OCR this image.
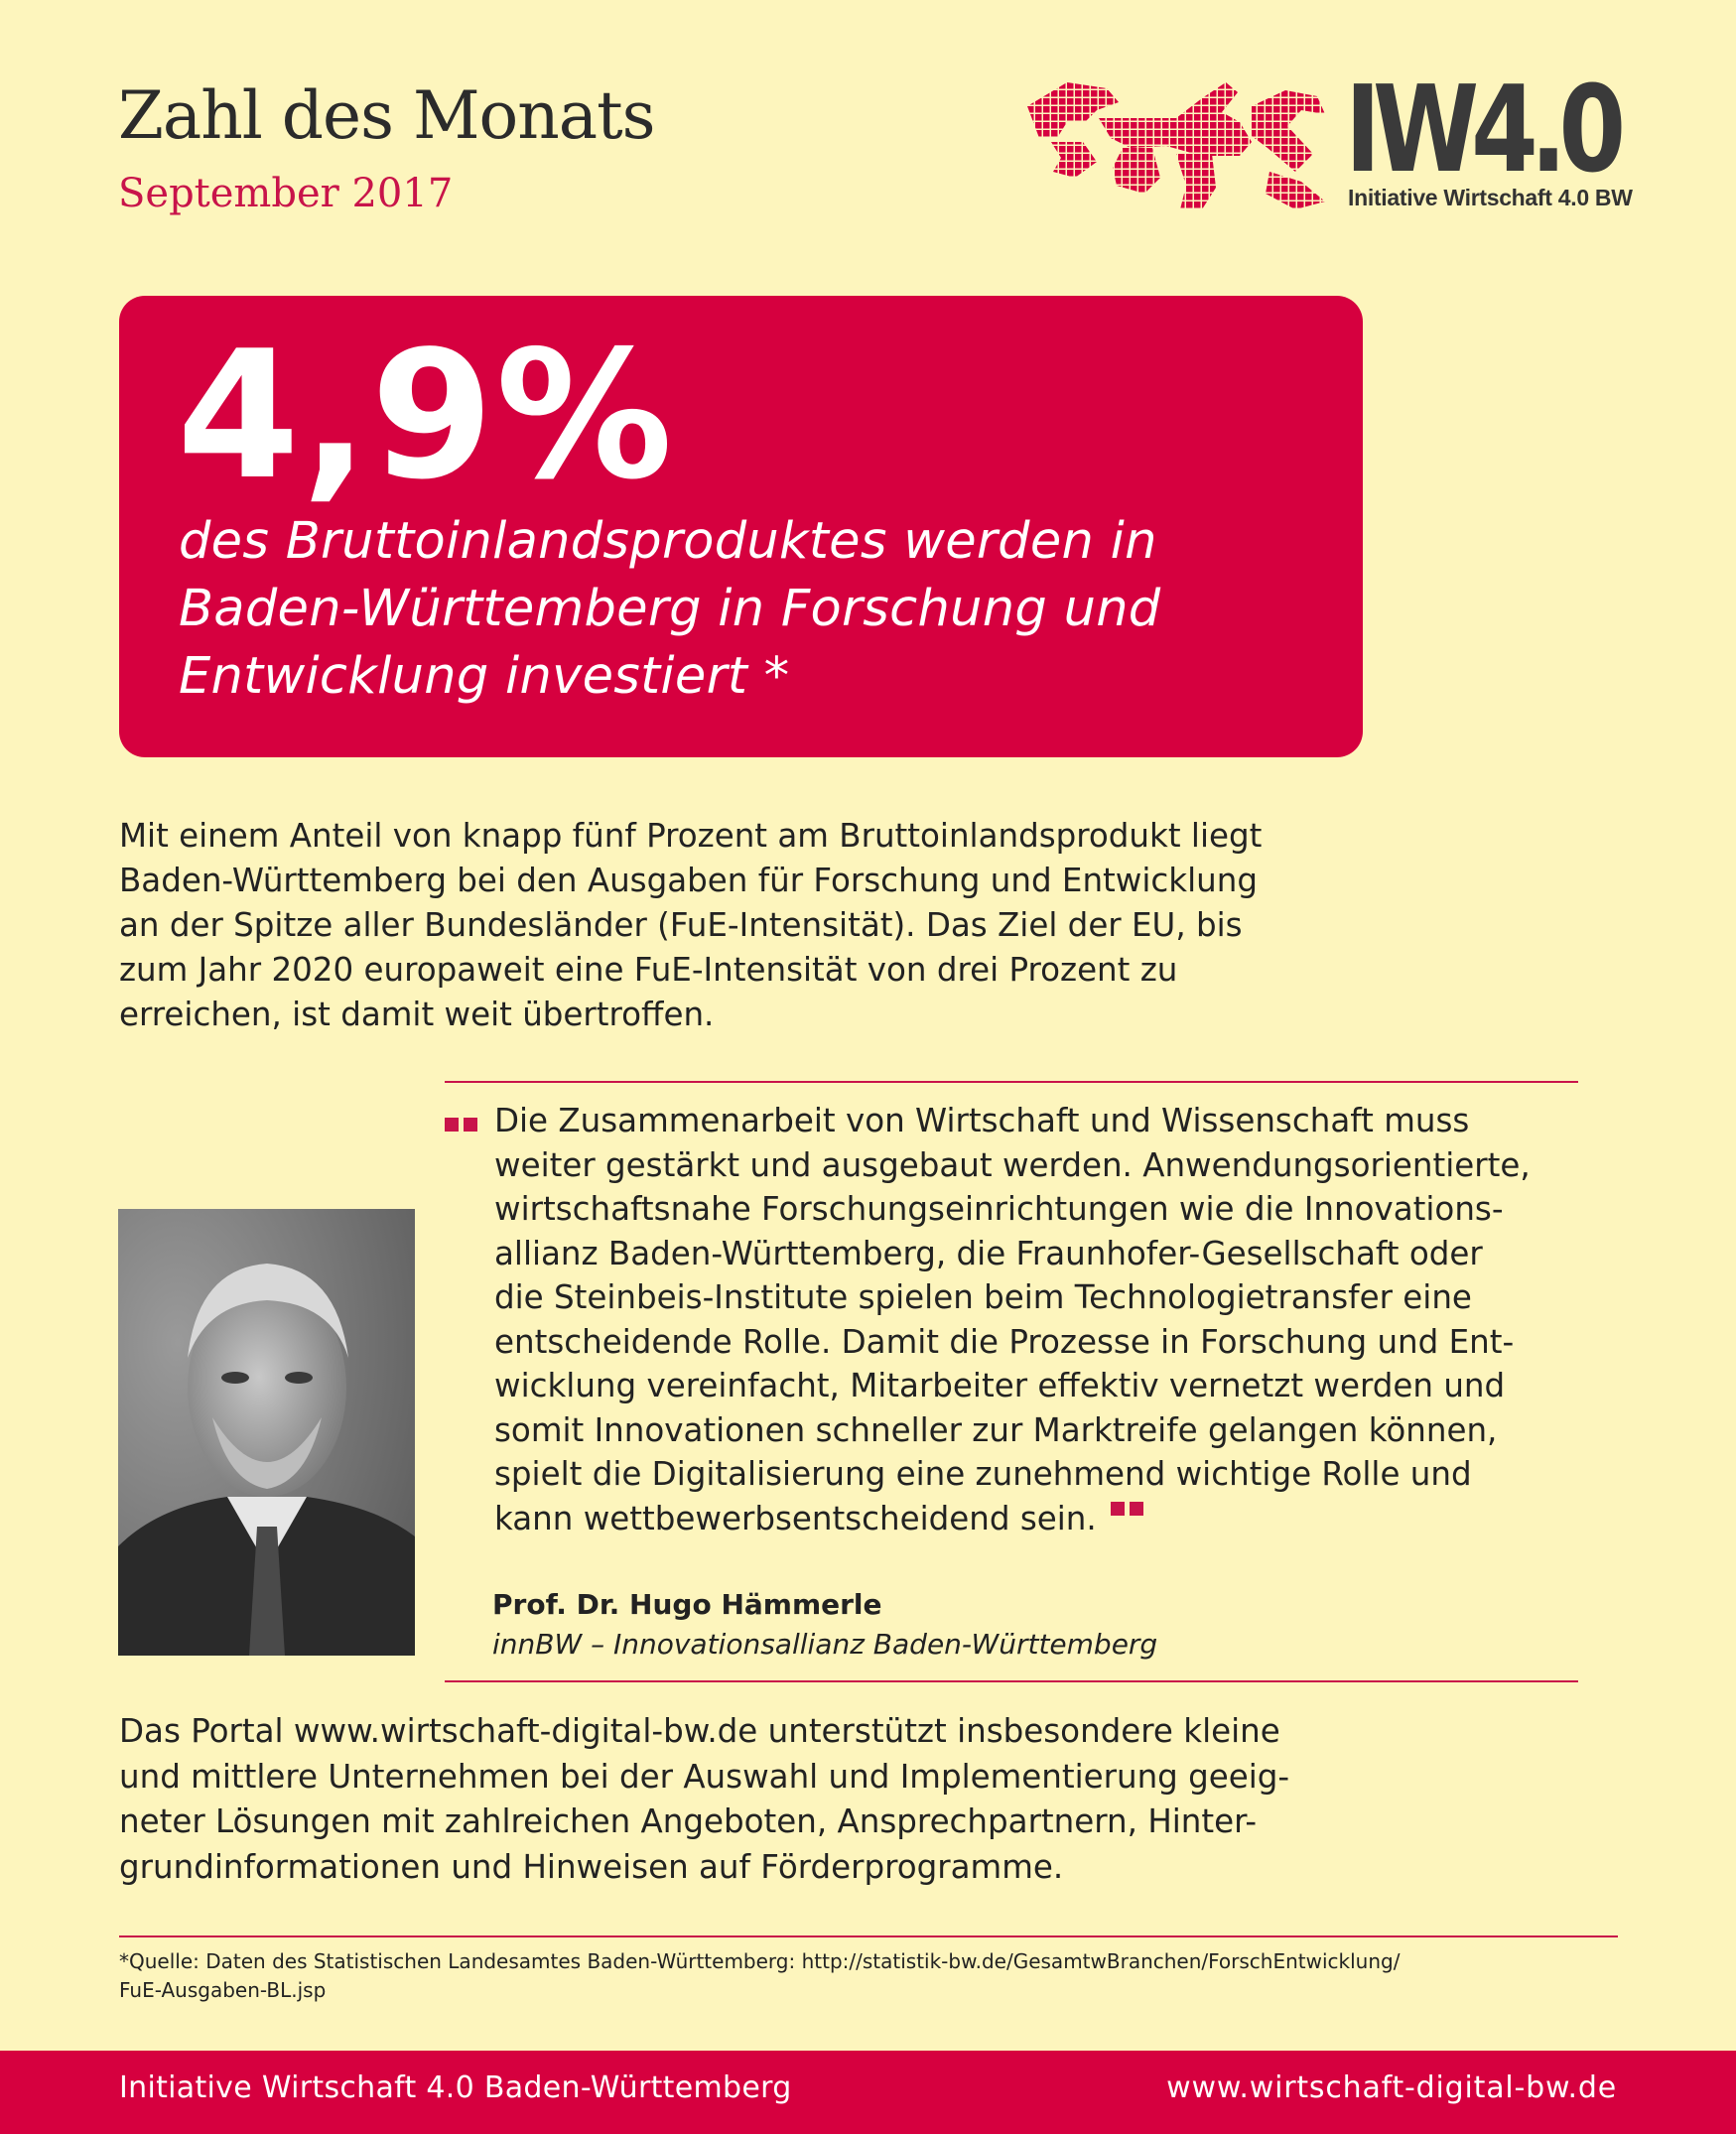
Zahl des Monats
September 2017	IW4.0
Initiative Wirtschaft 4.0 BW
4,9%
des Bruttoinlandsproduktes werden in
Baden-Württemberg in Forschung und
Entwicklung investiert *
Mit einem Anteil von knapp fünf Prozent am Bruttoinlandsprodukt liegt
Baden-Württemberg bei den Ausgaben für Forschung und Entwicklung
an der Spitze aller Bundesländer (FuE-Intensität). Das Ziel der EU, bis
zum Jahr 2020 europaweit eine FuE-Intensität von drei Prozent zu
erreichen, ist damit weit übertroffen.
Die Zusammenarbeit von Wirtschaft und Wissenschaft muss
weiter gestärkt und ausgebaut werden. Anwendungsorientierte,
wirtschaftsnahe Forschungseinrichtungen wie die Innovations-
allianz Baden-Württemberg, die Fraunhofer-Gesellschaft oder
die Steinbeis-Institute spielen beim Technologietransfer eine
entscheidende Rolle. Damit die Prozesse in Forschung und Ent-
wicklung vereinfacht, Mitarbeiter effektiv vernetzt werden und
somit Innovationen schneller zur Marktreife gelangen können,
spielt die Digitalisierung eine zunehmend wichtige Rolle und
kann wettbewerbsentscheidend sein.
Prof. Dr. Hugo Hämmerle
innBW – Innovationsallianz Baden-Württemberg
Das Portal www.wirtschaft-digital-bw.de unterstützt insbesondere kleine
und mittlere Unternehmen bei der Auswahl und Implementierung geeig-
neter Lösungen mit zahlreichen Angeboten, Ansprechpartnern, Hinter-
grundinformationen und Hinweisen auf Förderprogramme.
*Quelle: Daten des Statistischen Landesamtes Baden-Württemberg: http://statistik-bw.de/GesamtwBranchen/ForschEntwicklung/
FuE-Ausgaben-BL.jsp
Initiative Wirtschaft 4.0 Baden-Württemberg	www.wirtschaft-digital-bw.de
